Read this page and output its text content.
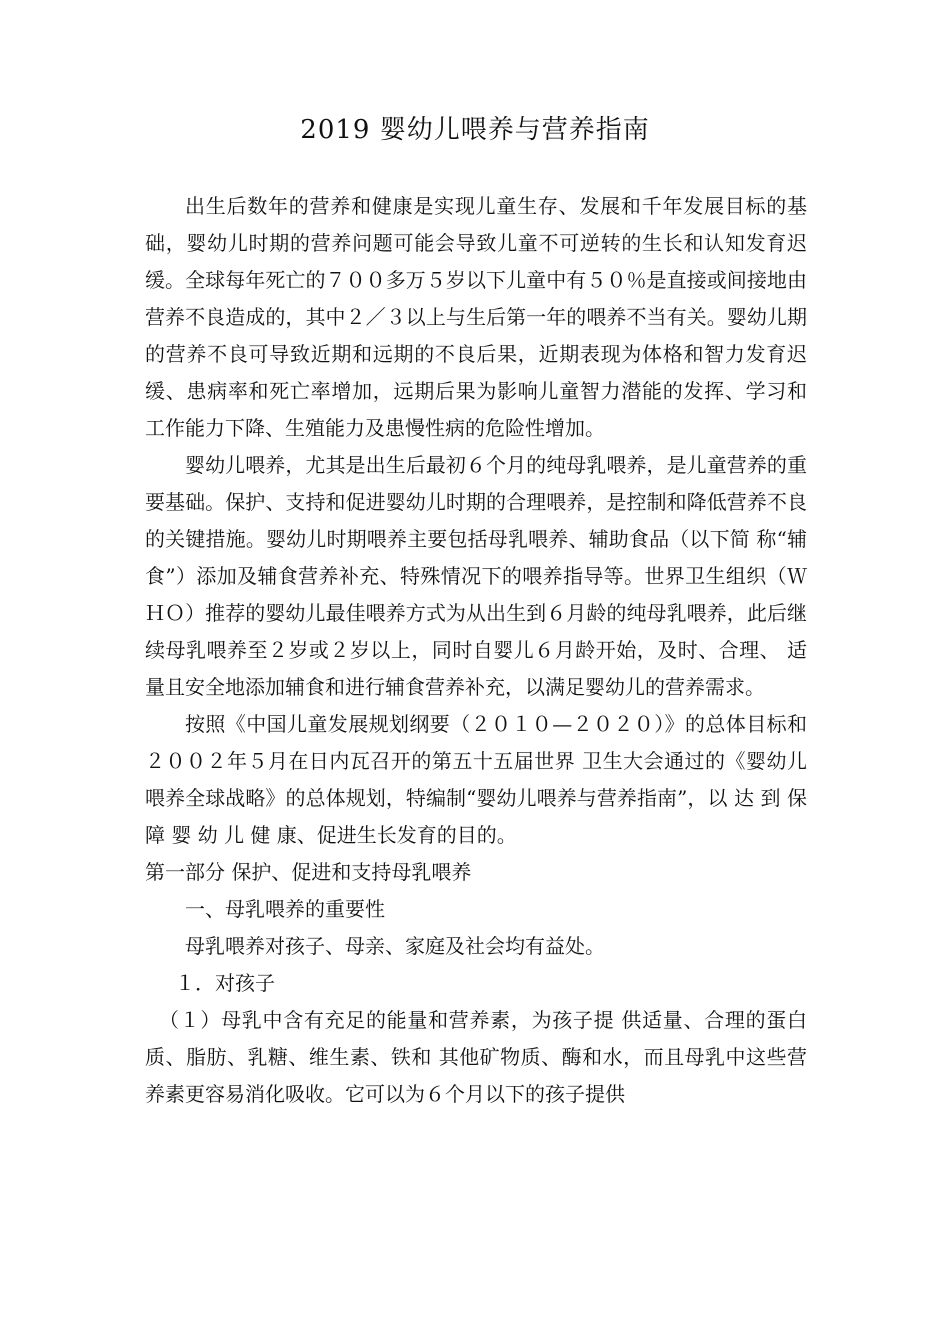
2019 婴幼儿喂养与营养指南

出生后数年的营养和健康是实现儿童生存、发展和千年发展目标的基础，婴幼儿时期的营养问题可能会导致儿童不可逆转的生长和认知发育迟缓。全球每年死亡的７００多万５岁以下儿童中有５０％是直接或间接地由营养不良造成的，其中２／３以上与生后第一年的喂养不当有关。婴幼儿期的营养不良可导致近期和远期的不良后果，近期表现为体格和智力发育迟缓、患病率和死亡率增加，远期后果为影响儿童智力潜能的发挥、学习和 工作能力下降、生殖能力及患慢性病的危险性增加。

婴幼儿喂养，尤其是出生后最初６个月的纯母乳喂养，是儿童营养的重要基础。保护、支持和促进婴幼儿时期的合理喂养，是控制和降低营养不良的关键措施。婴幼儿时期喂养主要包括母乳喂养、辅助食品（以下简 称“辅食”）添加及辅食营养补充、特殊情况下的喂养指导等。世界卫生组织（ＷＨＯ）推荐的婴幼儿最佳喂养方式为从出生到６月龄的纯母乳喂养，此后继续母乳喂养至２岁或２岁以上，同时自婴儿６月龄开始，及时、合理、 适量且安全地添加辅食和进行辅食营养补充，以满足婴幼儿的营养需求。

按照《中国儿童发展规划纲要（２０１０—２０２０）》的总体目标和２００２年５月在日内瓦召开的第五十五届世界 卫生大会通过的《婴幼儿喂养全球战略》的总体规划，特编制“婴幼儿喂养与营养指南”，以 达 到 保 障 婴 幼 儿 健 康、促进生长发育的目的。

第一部分 保护、促进和支持母乳喂养

一、母乳喂养的重要性

母乳喂养对孩子、母亲、家庭及社会均有益处。

１．对孩子

（１）母乳中含有充足的能量和营养素，为孩子提 供适量、合理的蛋白质、脂肪、乳糖、维生素、铁和 其他矿物质、酶和水，而且母乳中这些营养素更容易消化吸收。它可以为６个月以下的孩子提供
